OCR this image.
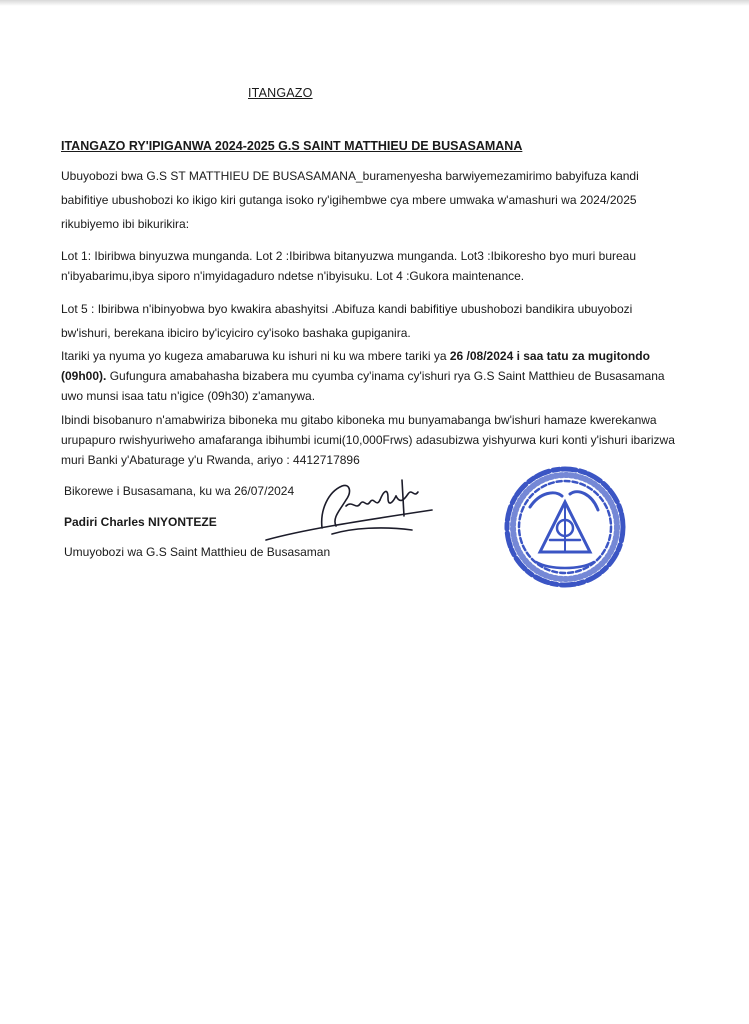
ITANGAZO
ITANGAZO RY'IPIGANWA 2024-2025 G.S SAINT MATTHIEU DE BUSASAMANA
Ubuyobozi bwa G.S ST MATTHIEU DE BUSASAMANA_buramenyesha barwiyemezamirimo babyifuza kandi
babifitiye ubushobozi ko ikigo kiri gutanga isoko ry'igihembwe cya mbere umwaka w'amashuri wa 2024/2025
rikubiyemo ibi bikurikira:
Lot 1: Ibiribwa binyuzwa munganda. Lot 2 :Ibiribwa bitanyuzwa munganda. Lot3 :Ibikoresho byo muri bureau
n'ibyabarimu,ibya siporo n'imyidagaduro ndetse n'ibyisuku. Lot 4 :Gukora maintenance.
Lot 5 : Ibiribwa n'ibinyobwa byo kwakira abashyitsi .Abifuza kandi babifitiye ubushobozi bandikira ubuyobozi
bw'ishuri, berekana ibiciro by'icyiciro cy'isoko bashaka gupiganira.
Itariki ya nyuma yo kugeza amabaruwa ku ishuri ni ku wa mbere tariki ya 26 /08/2024 i saa tatu za mugitondo
(09h00). Gufungura amabahasha bizabera mu cyumba cy'inama cy'ishuri rya G.S Saint Matthieu de Busasamana
uwo munsi isaa tatu n'igice (09h30) z'amanywa.
Ibindi bisobanuro n'amabwiriza biboneka mu gitabo kiboneka mu bunyamabanga bw'ishuri hamaze kwerekanwa
urupapuro rwishyuriweho amafaranga ibihumbi icumi(10,000Frws) adasubizwa yishyurwa kuri konti y'ishuri ibarizwa
muri Banki y'Abaturage y'u Rwanda, ariyo : 4412717896
Bikorewe i Busasamana, ku wa 26/07/2024
Padiri Charles NIYONTEZE
Umuyobozi wa G.S Saint Matthieu de Busasaman
